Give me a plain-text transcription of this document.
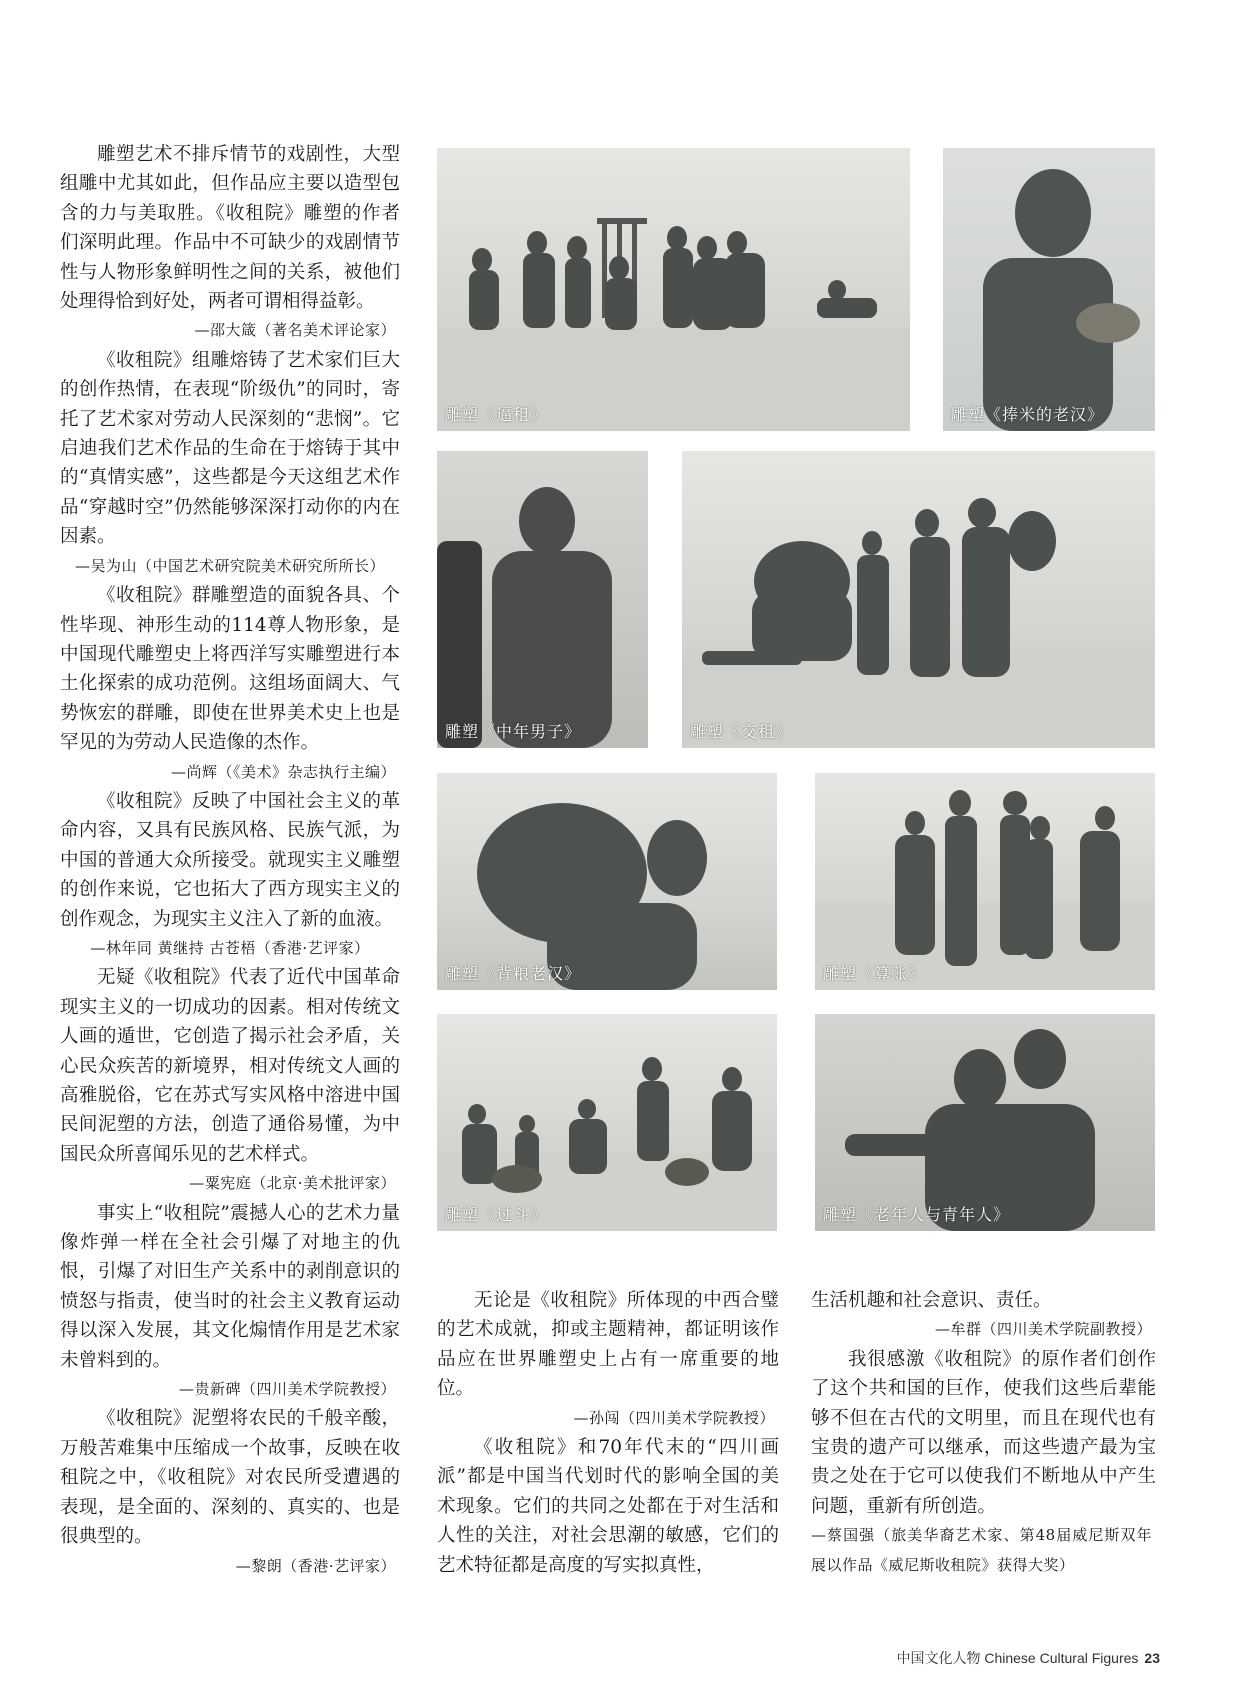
雕塑艺术不排斥情节的戏剧性，大型组雕中尤其如此，但作品应主要以造型包含的力与美取胜。《收租院》雕塑的作者们深明此理。作品中不可缺少的戏剧情节性与人物形象鲜明性之间的关系，被他们处理得恰到好处，两者可谓相得益彰。

—邵大箴（著名美术评论家）

《收租院》组雕熔铸了艺术家们巨大的创作热情，在表现“阶级仇”的同时，寄托了艺术家对劳动人民深刻的“悲悯”。它启迪我们艺术作品的生命在于熔铸于其中的“真情实感”，这些都是今天这组艺术作品“穿越时空”仍然能够深深打动你的内在因素。

—吴为山（中国艺术研究院美术研究所所长）

《收租院》群雕塑造的面貌各具、个性毕现、神形生动的114尊人物形象，是中国现代雕塑史上将西洋写实雕塑进行本土化探索的成功范例。这组场面阔大、气势恢宏的群雕，即使在世界美术史上也是罕见的为劳动人民造像的杰作。

—尚辉（《美术》杂志执行主编）

《收租院》反映了中国社会主义的革命内容，又具有民族风格、民族气派，为中国的普通大众所接受。就现实主义雕塑的创作来说，它也拓大了西方现实主义的创作观念，为现实主义注入了新的血液。

—林年同 黄继持 古苍梧（香港·艺评家）

无疑《收租院》代表了近代中国革命现实主义的一切成功的因素。相对传统文人画的遁世，它创造了揭示社会矛盾，关心民众疾苦的新境界，相对传统文人画的高雅脱俗，它在苏式写实风格中溶进中国民间泥塑的方法，创造了通俗易懂，为中国民众所喜闻乐见的艺术样式。

—粟宪庭（北京·美术批评家）

事实上“收租院”震撼人心的艺术力量像炸弹一样在全社会引爆了对地主的仇恨，引爆了对旧生产关系中的剥削意识的愤怒与指责，使当时的社会主义教育运动得以深入发展，其文化煽情作用是艺术家未曾料到的。

—贵新碑（四川美术学院教授）

《收租院》泥塑将农民的千般辛酸，万般苦难集中压缩成一个故事，反映在收租院之中，《收租院》对农民所受遭遇的表现，是全面的、深刻的、真实的、也是很典型的。

—黎朗（香港·艺评家）
雕塑《逼租》	雕塑《捧米的老汉》
雕塑《中年男子》	雕塑《交租》
雕塑《背粮老汉》	雕塑《算账》
雕塑《过斗》	雕塑《老年人与青年人》

无论是《收租院》所体现的中西合璧的艺术成就，抑或主题精神，都证明该作品应在世界雕塑史上占有一席重要的地位。

—孙闯（四川美术学院教授）

《收租院》和70年代末的“四川画派”都是中国当代划时代的影响全国的美术现象。它们的共同之处都在于对生活和人性的关注，对社会思潮的敏感，它们的艺术特征都是高度的写实拟真性，

生活机趣和社会意识、责任。

—牟群（四川美术学院副教授）

我很感激《收租院》的原作者们创作了这个共和国的巨作，使我们这些后辈能够不但在古代的文明里，而且在现代也有宝贵的遗产可以继承，而这些遗产最为宝贵之处在于它可以使我们不断地从中产生问题，重新有所创造。

—蔡国强（旅美华裔艺术家、第48届威尼斯双年展以作品《威尼斯收租院》获得大奖）
中国文化人物 Chinese Cultural Figures 23
